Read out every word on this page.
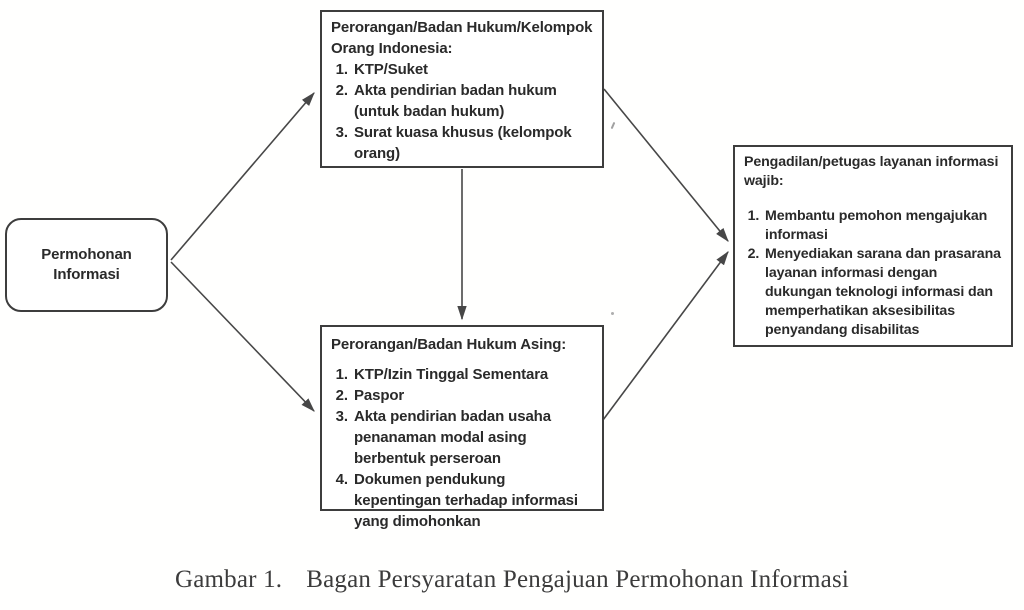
Permohonan Informasi
Perorangan/Badan Hukum/Kelompok Orang Indonesia:
1. KTP/Suket
2. Akta pendirian badan hukum (untuk badan hukum)
3. Surat kuasa khusus (kelompok orang)
Perorangan/Badan Hukum Asing:
1. KTP/Izin Tinggal Sementara
2. Paspor
3. Akta pendirian badan usaha penanaman modal asing berbentuk perseroan
4. Dokumen pendukung kepentingan terhadap informasi yang dimohonkan
Pengadilan/petugas layanan informasi wajib:
1. Membantu pemohon mengajukan informasi
2. Menyediakan sarana dan prasarana layanan informasi dengan dukungan teknologi informasi dan memperhatikan aksesibilitas penyandang disabilitas
Gambar 1. Bagan Persyaratan Pengajuan Permohonan Informasi
